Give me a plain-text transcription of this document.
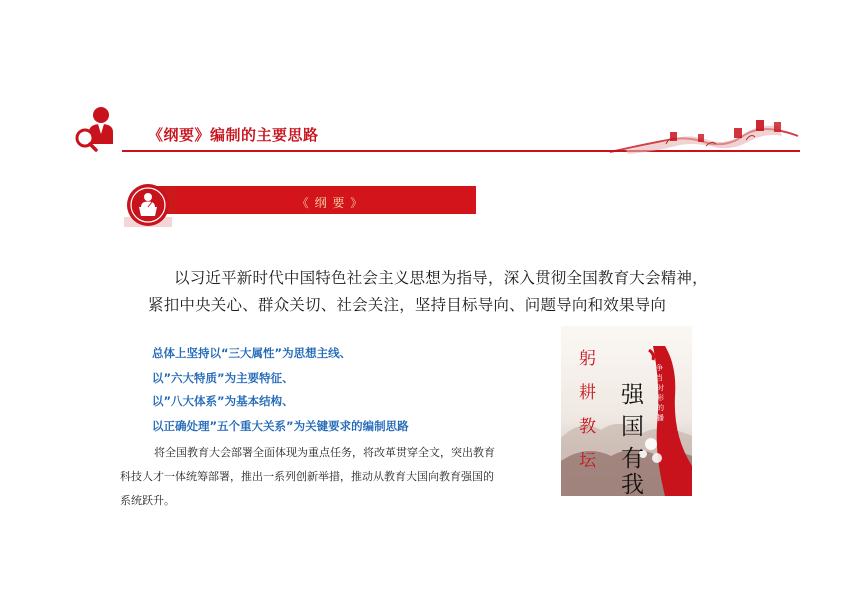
《纲要》编制的主要思路
《 纲 要 》
以习近平新时代中国特色社会主义思想为指导，深入贯彻全国教育大会精神，
紧扣中央关心、群众关切、社会关注，坚持目标导向、问题导向和效果导向
总体上坚持以“三大属性”为思想主线、
以”六大特质”为主要特征、
以”八大体系”为基本结构、
以正确处理”五个重大关系”为关键要求的编制思路
将全国教育大会部署全面体现为重点任务，将改革贯穿全文，突出教育科技人才一体统筹部署，推出一系列创新举措，推动从教育大国向教育强国的系统跃升。
躬
耕
教
坛
争
当
时
形
的
播
强
国
有
我
